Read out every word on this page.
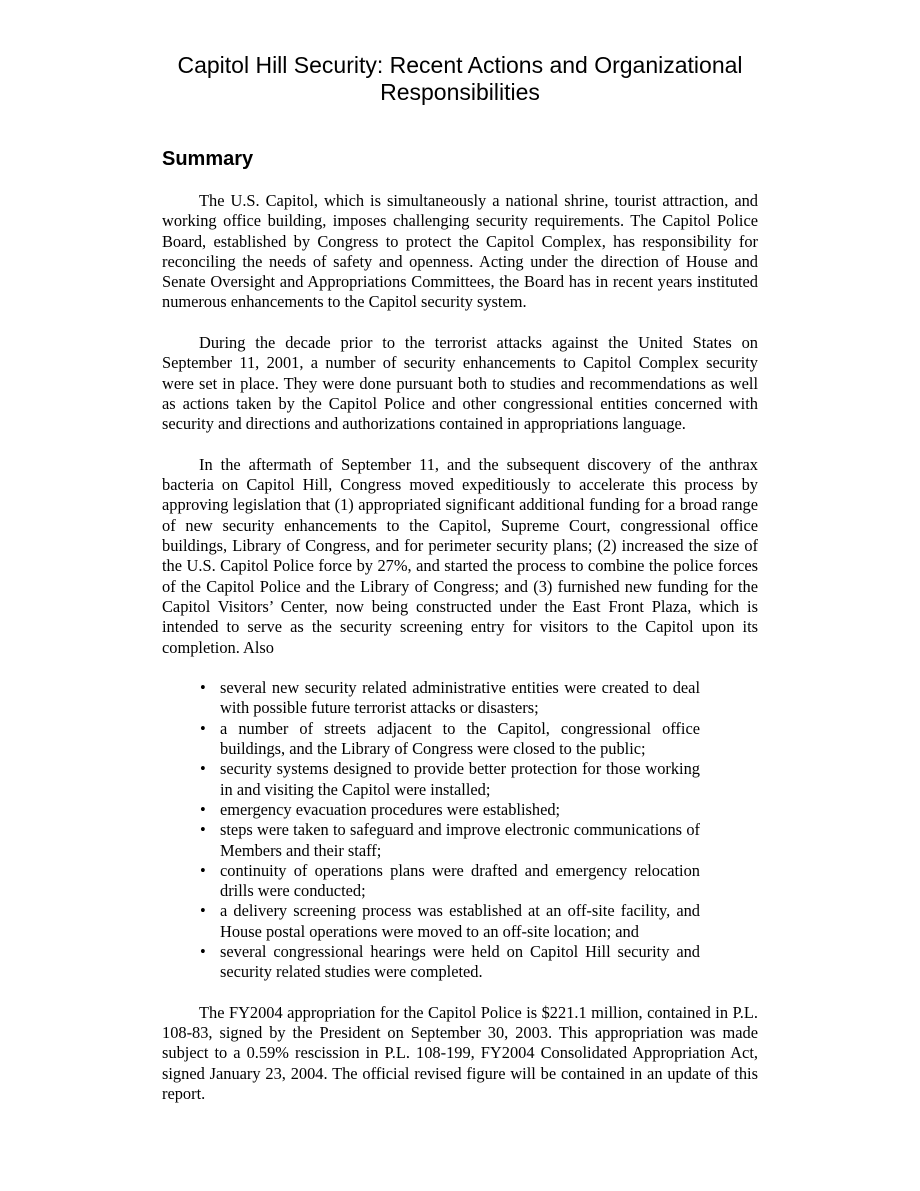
Capitol Hill Security: Recent Actions and Organizational Responsibilities
Summary

The U.S. Capitol, which is simultaneously a national shrine, tourist attraction, and working office building, imposes challenging security requirements. The Capitol Police Board, established by Congress to protect the Capitol Complex, has responsibility for reconciling the needs of safety and openness. Acting under the direction of House and Senate Oversight and Appropriations Committees, the Board has in recent years instituted numerous enhancements to the Capitol security system.

During the decade prior to the terrorist attacks against the United States on September 11, 2001, a number of security enhancements to Capitol Complex security were set in place. They were done pursuant both to studies and recommendations as well as actions taken by the Capitol Police and other congressional entities concerned with security and directions and authorizations contained in appropriations language.

In the aftermath of September 11, and the subsequent discovery of the anthrax bacteria on Capitol Hill, Congress moved expeditiously to accelerate this process by approving legislation that (1) appropriated significant additional funding for a broad range of new security enhancements to the Capitol, Supreme Court, congressional office buildings, Library of Congress, and for perimeter security plans; (2) increased the size of the U.S. Capitol Police force by 27%, and started the process to combine the police forces of the Capitol Police and the Library of Congress; and (3) furnished new funding for the Capitol Visitors’ Center, now being constructed under the East Front Plaza, which is intended to serve as the security screening entry for visitors to the Capitol upon its completion. Also

• several new security related administrative entities were created to deal with possible future terrorist attacks or disasters;
• a number of streets adjacent to the Capitol, congressional office buildings, and the Library of Congress were closed to the public;
• security systems designed to provide better protection for those working in and visiting the Capitol were installed;
• emergency evacuation procedures were established;
• steps were taken to safeguard and improve electronic communications of Members and their staff;
• continuity of operations plans were drafted and emergency relocation drills were conducted;
• a delivery screening process was established at an off-site facility, and House postal operations were moved to an off-site location; and
• several congressional hearings were held on Capitol Hill security and security related studies were completed.

The FY2004 appropriation for the Capitol Police is $221.1 million, contained in P.L. 108-83, signed by the President on September 30, 2003. This appropriation was made subject to a 0.59% rescission in P.L. 108-199, FY2004 Consolidated Appropriation Act, signed January 23, 2004. The official revised figure will be contained in an update of this report.
